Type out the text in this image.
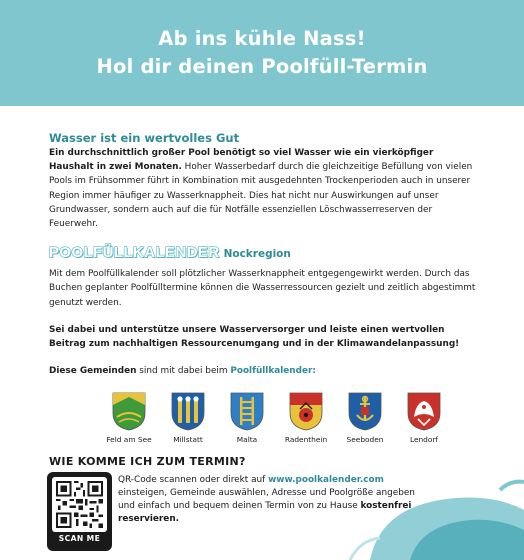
Ab ins kühle Nass!
Hol dir deinen Poolfüll-Termin
Wasser ist ein wertvolles Gut

Ein durchschnittlich großer Pool benötigt so viel Wasser wie ein vierköpfiger Haushalt in zwei Monaten. Hoher Wasserbedarf durch die gleichzeitige Befüllung von vielen Pools im Frühsommer führt in Kombination mit ausgedehnten Trockenperioden auch in unserer Region immer häufiger zu Wasserknappheit. Dies hat nicht nur Auswirkungen auf unser Grundwasser, sondern auch auf die für Notfälle essenziellen Löschwasserreserven der Feuerwehr.

POOLFÜLLKALENDER Nockregion

Mit dem Poolfüllkalender soll plötzlicher Wasserknappheit entgegengewirkt werden. Durch das Buchen geplanter Poolfülltermine können die Wasserressourcen gezielt und zeitlich abgestimmt genutzt werden.

Sei dabei und unterstütze unsere Wasserversorger und leiste einen wertvollen Beitrag zum nachhaltigen Ressourcenumgang und in der Klimawandelanpassung!

Diese Gemeinden sind mit dabei beim Poolfüllkalender:

Feld am See	Millstatt	Malta	Radenthein	Seeboden	Lendorf
WIE KOMME ICH ZUM TERMIN?
SCAN ME
QR-Code scannen oder direkt auf www.poolkalender.com einsteigen, Gemeinde auswählen, Adresse und Poolgröße angeben und einfach und bequem deinen Termin von zu Hause kostenfrei reservieren.
